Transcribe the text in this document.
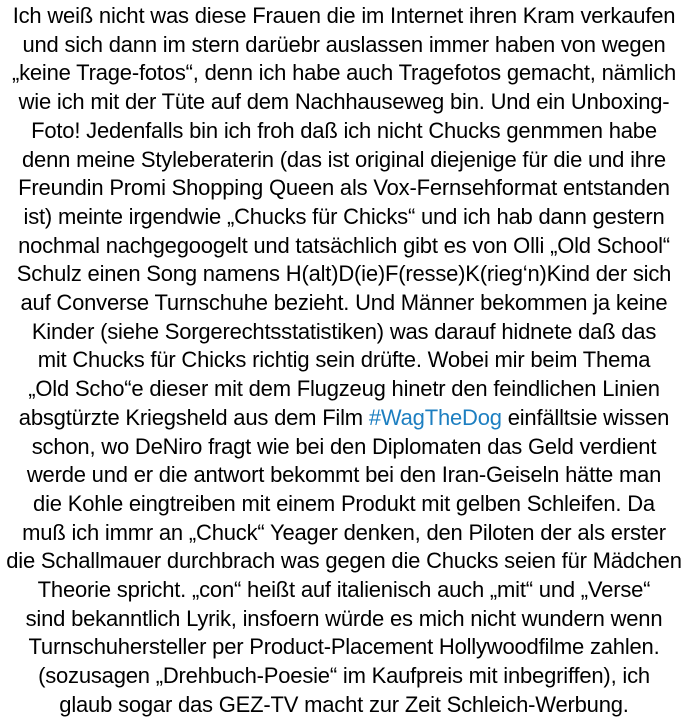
Ich weiß nicht was diese Frauen die im Internet ihren Kram verkaufen
und sich dann im stern darüebr auslassen immer haben von wegen
„keine Trage-fotos“, denn ich habe auch Tragefotos gemacht, nämlich
wie ich mit der Tüte auf dem Nachhauseweg bin. Und ein Unboxing-
Foto! Jedenfalls bin ich froh daß ich nicht Chucks genmmen habe
denn meine Styleberaterin (das ist original diejenige für die und ihre
Freundin Promi Shopping Queen als Vox-Fernsehformat entstanden
ist) meinte irgendwie „Chucks für Chicks“ und ich hab dann gestern
nochmal nachgegoogelt und tatsächlich gibt es von Olli „Old School“
Schulz einen Song namens H(alt)D(ie)F(resse)K(rieg‘n)Kind der sich
auf Converse Turnschuhe bezieht. Und Männer bekommen ja keine
Kinder (siehe Sorgerechtsstatistiken) was darauf hidnete daß das
mit Chucks für Chicks richtig sein drüfte. Wobei mir beim Thema
„Old Scho“e dieser mit dem Flugzeug hinetr den feindlichen Linien
absgtürzte Kriegsheld aus dem Film #WagTheDog einfälltsie wissen
schon, wo DeNiro fragt wie bei den Diplomaten das Geld verdient
werde und er die antwort bekommt bei den Iran-Geiseln hätte man
die Kohle eingtreiben mit einem Produkt mit gelben Schleifen. Da
muß ich immr an „Chuck“ Yeager denken, den Piloten der als erster
die Schallmauer durchbrach was gegen die Chucks seien für Mädchen
Theorie spricht. „con“ heißt auf italienisch auch „mit“ und „Verse“
sind bekanntlich Lyrik, insfoern würde es mich nicht wundern wenn
Turnschuhersteller per Product-Placement Hollywoodfilme zahlen.
(sozusagen „Drehbuch-Poesie“ im Kaufpreis mit inbegriffen), ich
glaub sogar das GEZ-TV macht zur Zeit Schleich-Werbung.
